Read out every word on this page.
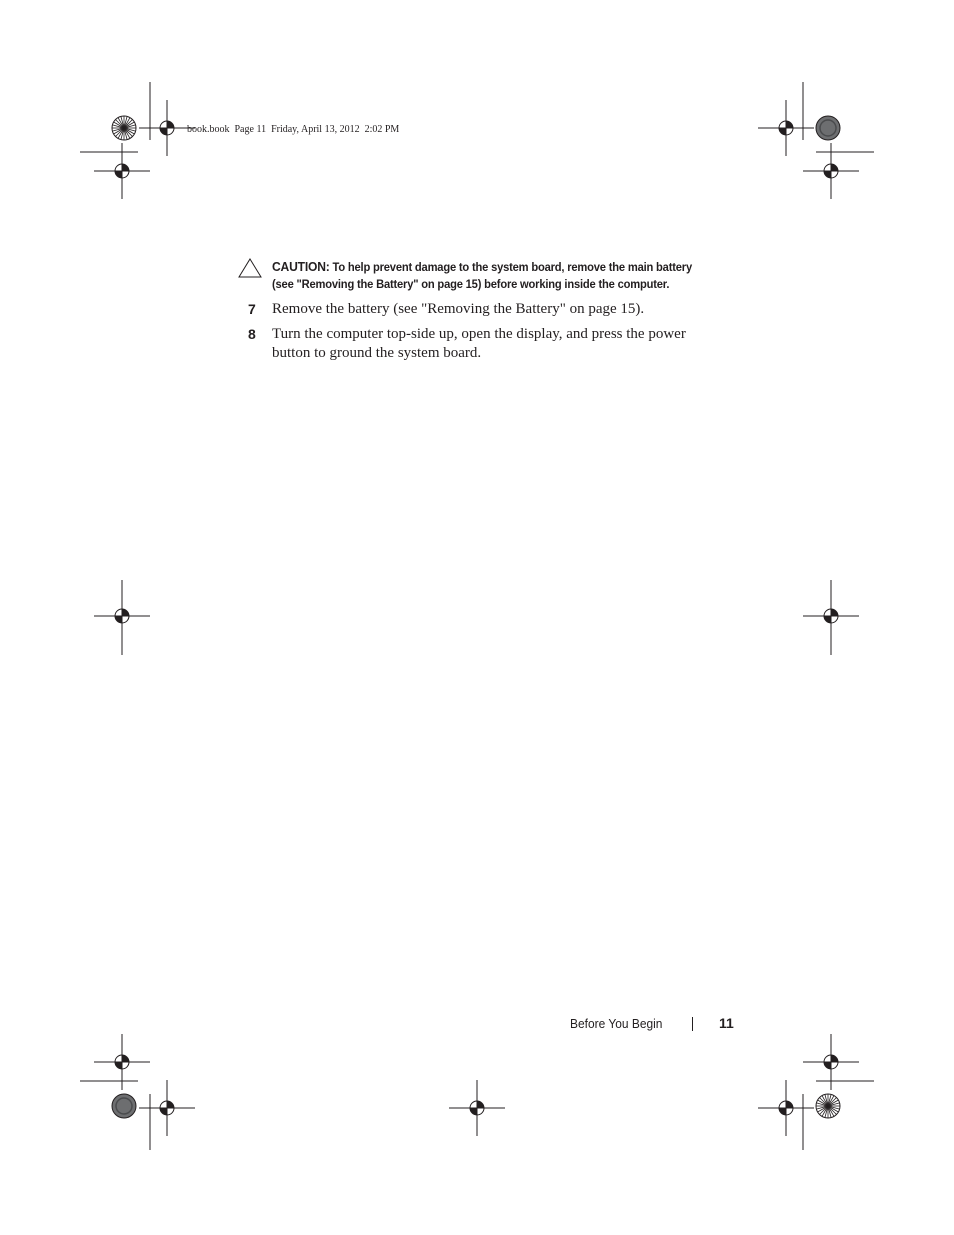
book.book  Page 11  Friday, April 13, 2012  2:02 PM
CAUTION: To help prevent damage to the system board, remove the main battery (see "Removing the Battery" on page 15) before working inside the computer.
7 Remove the battery (see "Removing the Battery" on page 15).
8 Turn the computer top-side up, open the display, and press the power button to ground the system board.
Before You Begin	11
